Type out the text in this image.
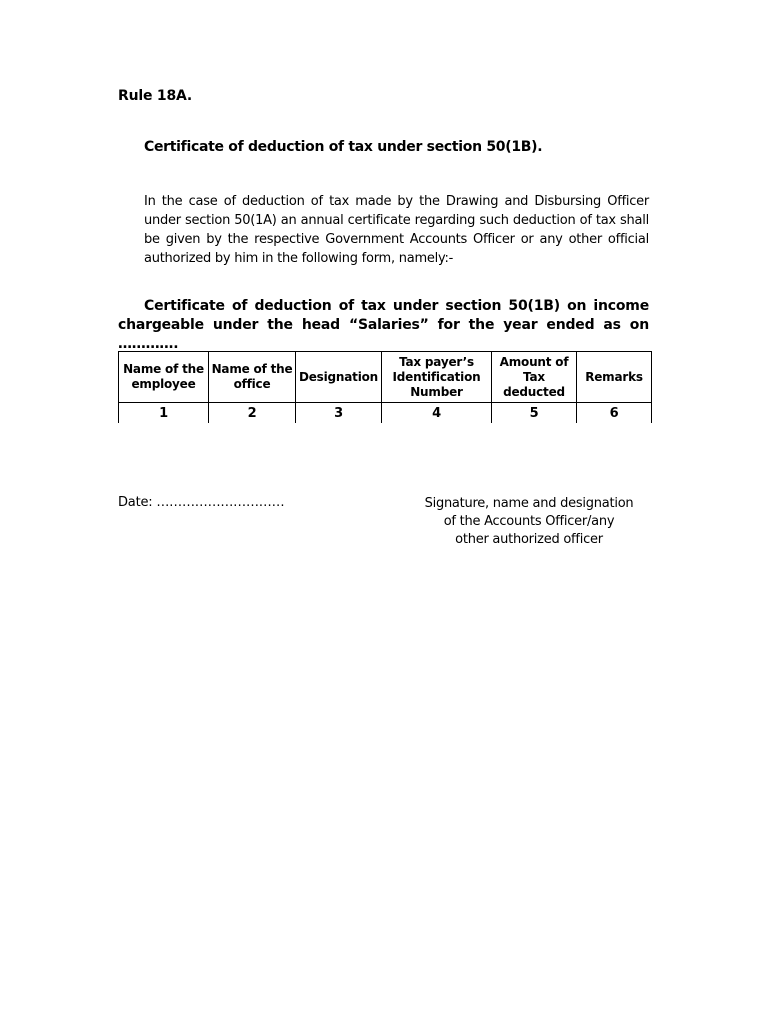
Rule 18A.
Certificate of deduction of tax under section 50(1B).

In the case of deduction of tax made by the Drawing and Disbursing Officer under section 50(1A) an annual certificate regarding such deduction of tax shall be given by the respective Government Accounts Officer or any other official authorized by him in the following form, namely:-

Certificate of deduction of tax under section 50(1B) on income chargeable under the head “Salaries” for the year ended as on ………….

Name of the employee	Name of the office	Designation	Tax payer’s Identification Number	Amount of Tax deducted	Remarks
1	2	3	4	5	6
Date: …………………………	Signature, name and designation
of the Accounts Officer/any
other authorized officer
